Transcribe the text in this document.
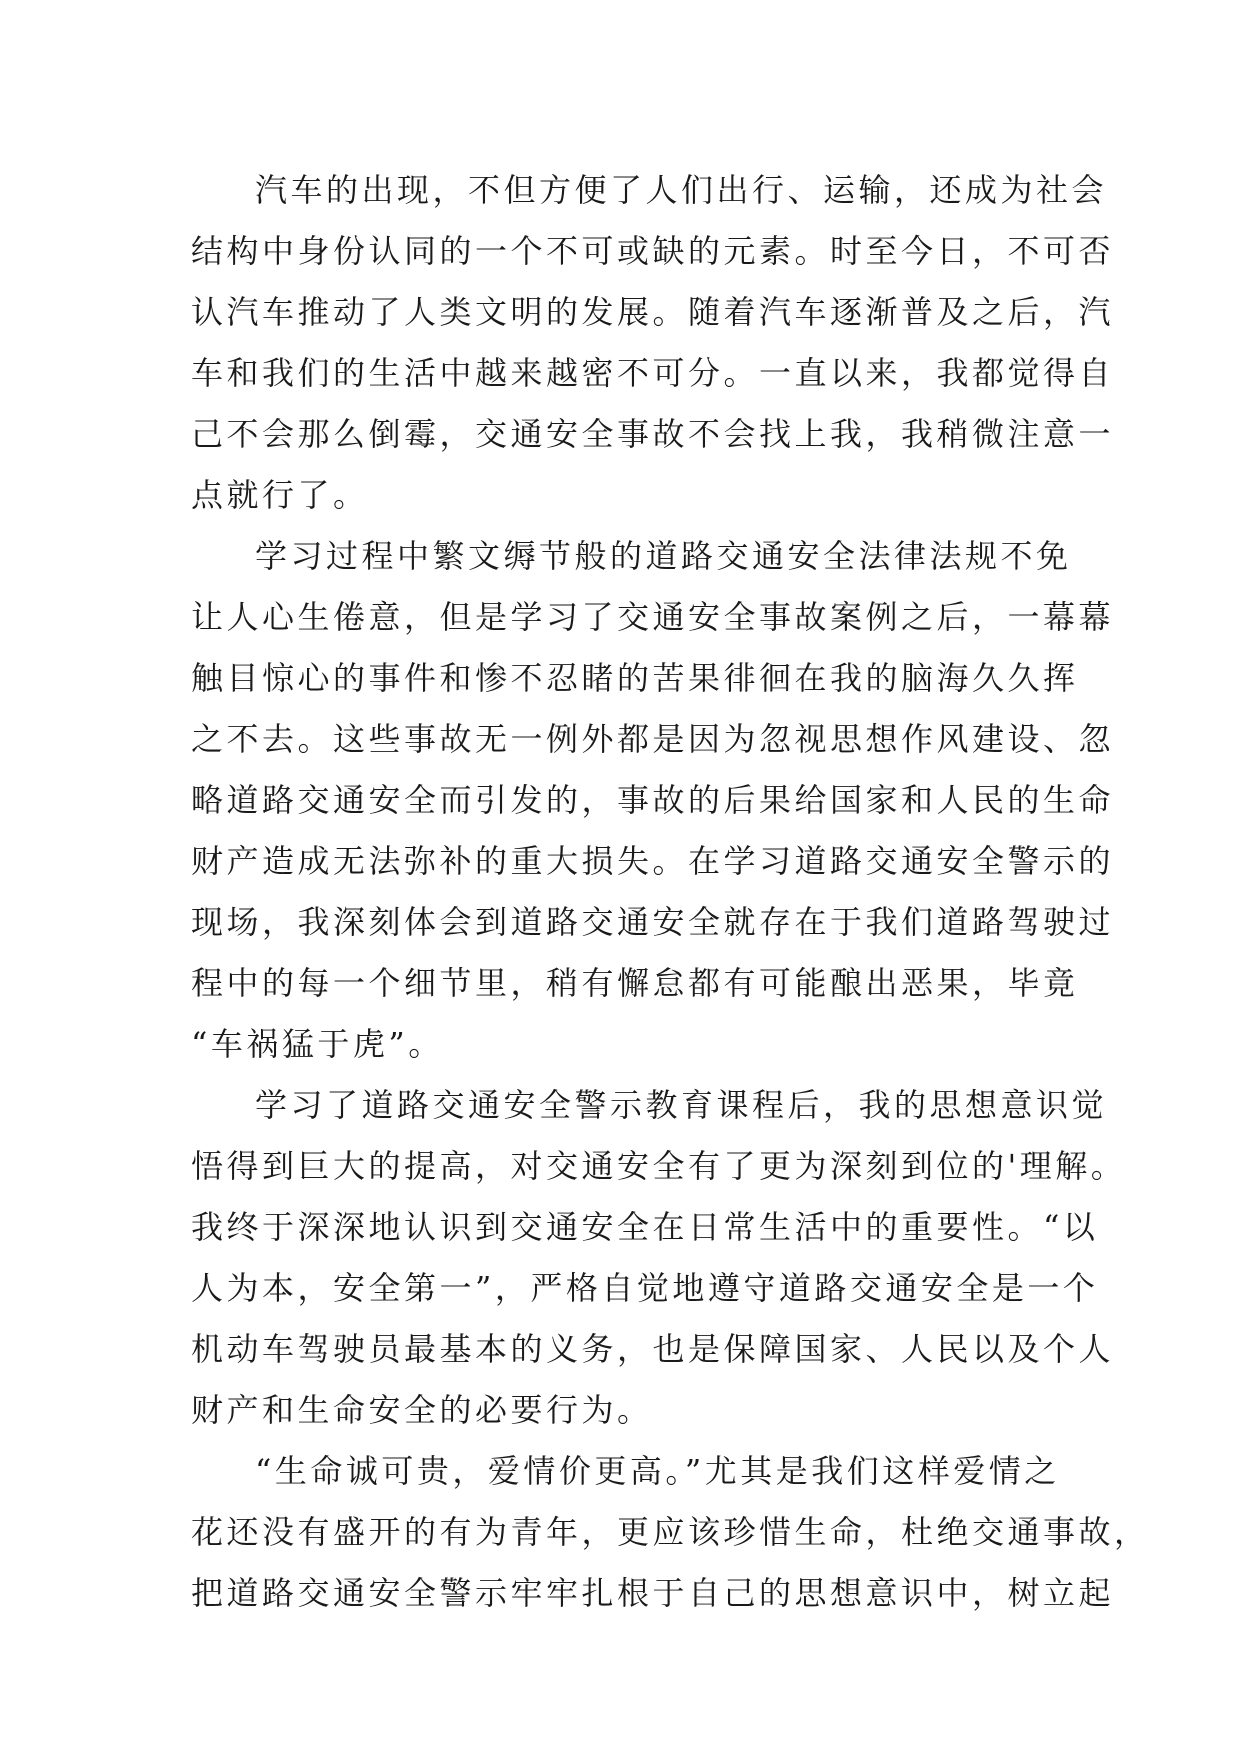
汽车的出现，不但方便了人们出行、运输，还成为社会
结构中身份认同的一个不可或缺的元素。时至今日，不可否
认汽车推动了人类文明的发展。随着汽车逐渐普及之后，汽
车和我们的生活中越来越密不可分。一直以来，我都觉得自
己不会那么倒霉，交通安全事故不会找上我，我稍微注意一
点就行了。
学习过程中繁文缛节般的道路交通安全法律法规不免
让人心生倦意，但是学习了交通安全事故案例之后，一幕幕
触目惊心的事件和惨不忍睹的苦果徘徊在我的脑海久久挥
之不去。这些事故无一例外都是因为忽视思想作风建设、忽
略道路交通安全而引发的，事故的后果给国家和人民的生命
财产造成无法弥补的重大损失。在学习道路交通安全警示的
现场，我深刻体会到道路交通安全就存在于我们道路驾驶过
程中的每一个细节里，稍有懈怠都有可能酿出恶果，毕竟
“车祸猛于虎”。
学习了道路交通安全警示教育课程后，我的思想意识觉
悟得到巨大的提高，对交通安全有了更为深刻到位的'理解。
我终于深深地认识到交通安全在日常生活中的重要性。“以
人为本，安全第一”，严格自觉地遵守道路交通安全是一个
机动车驾驶员最基本的义务，也是保障国家、人民以及个人
财产和生命安全的必要行为。
“生命诚可贵，爱情价更高。”尤其是我们这样爱情之
花还没有盛开的有为青年，更应该珍惜生命，杜绝交通事故，
把道路交通安全警示牢牢扎根于自己的思想意识中，树立起
